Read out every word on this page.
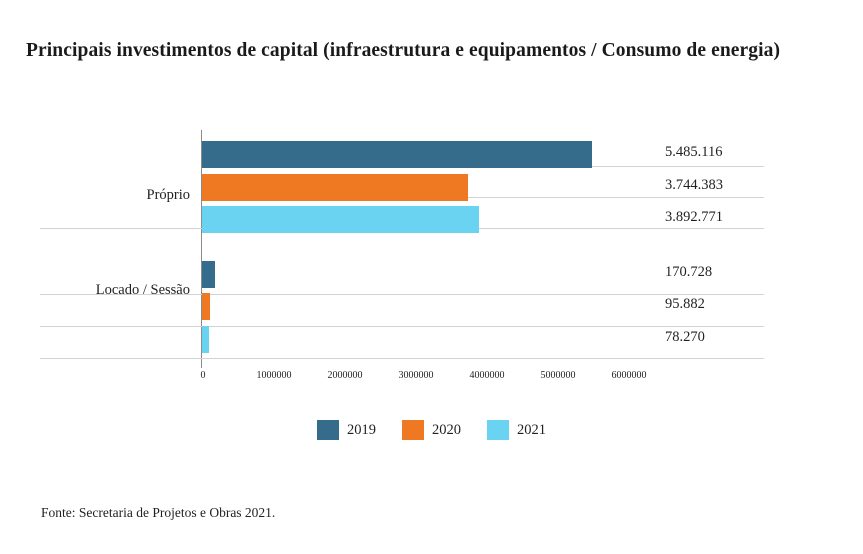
Principais investimentos de capital (infraestrutura e equipamentos / Consumo de energia)
Próprio
5.485.116
3.744.383
3.892.771
Locado / Sessão
170.728
95.882
78.270
0	1000000	2000000	3000000	4000000	5000000	6000000
2019	2020	2021
Fonte: Secretaria de Projetos e Obras 2021.
